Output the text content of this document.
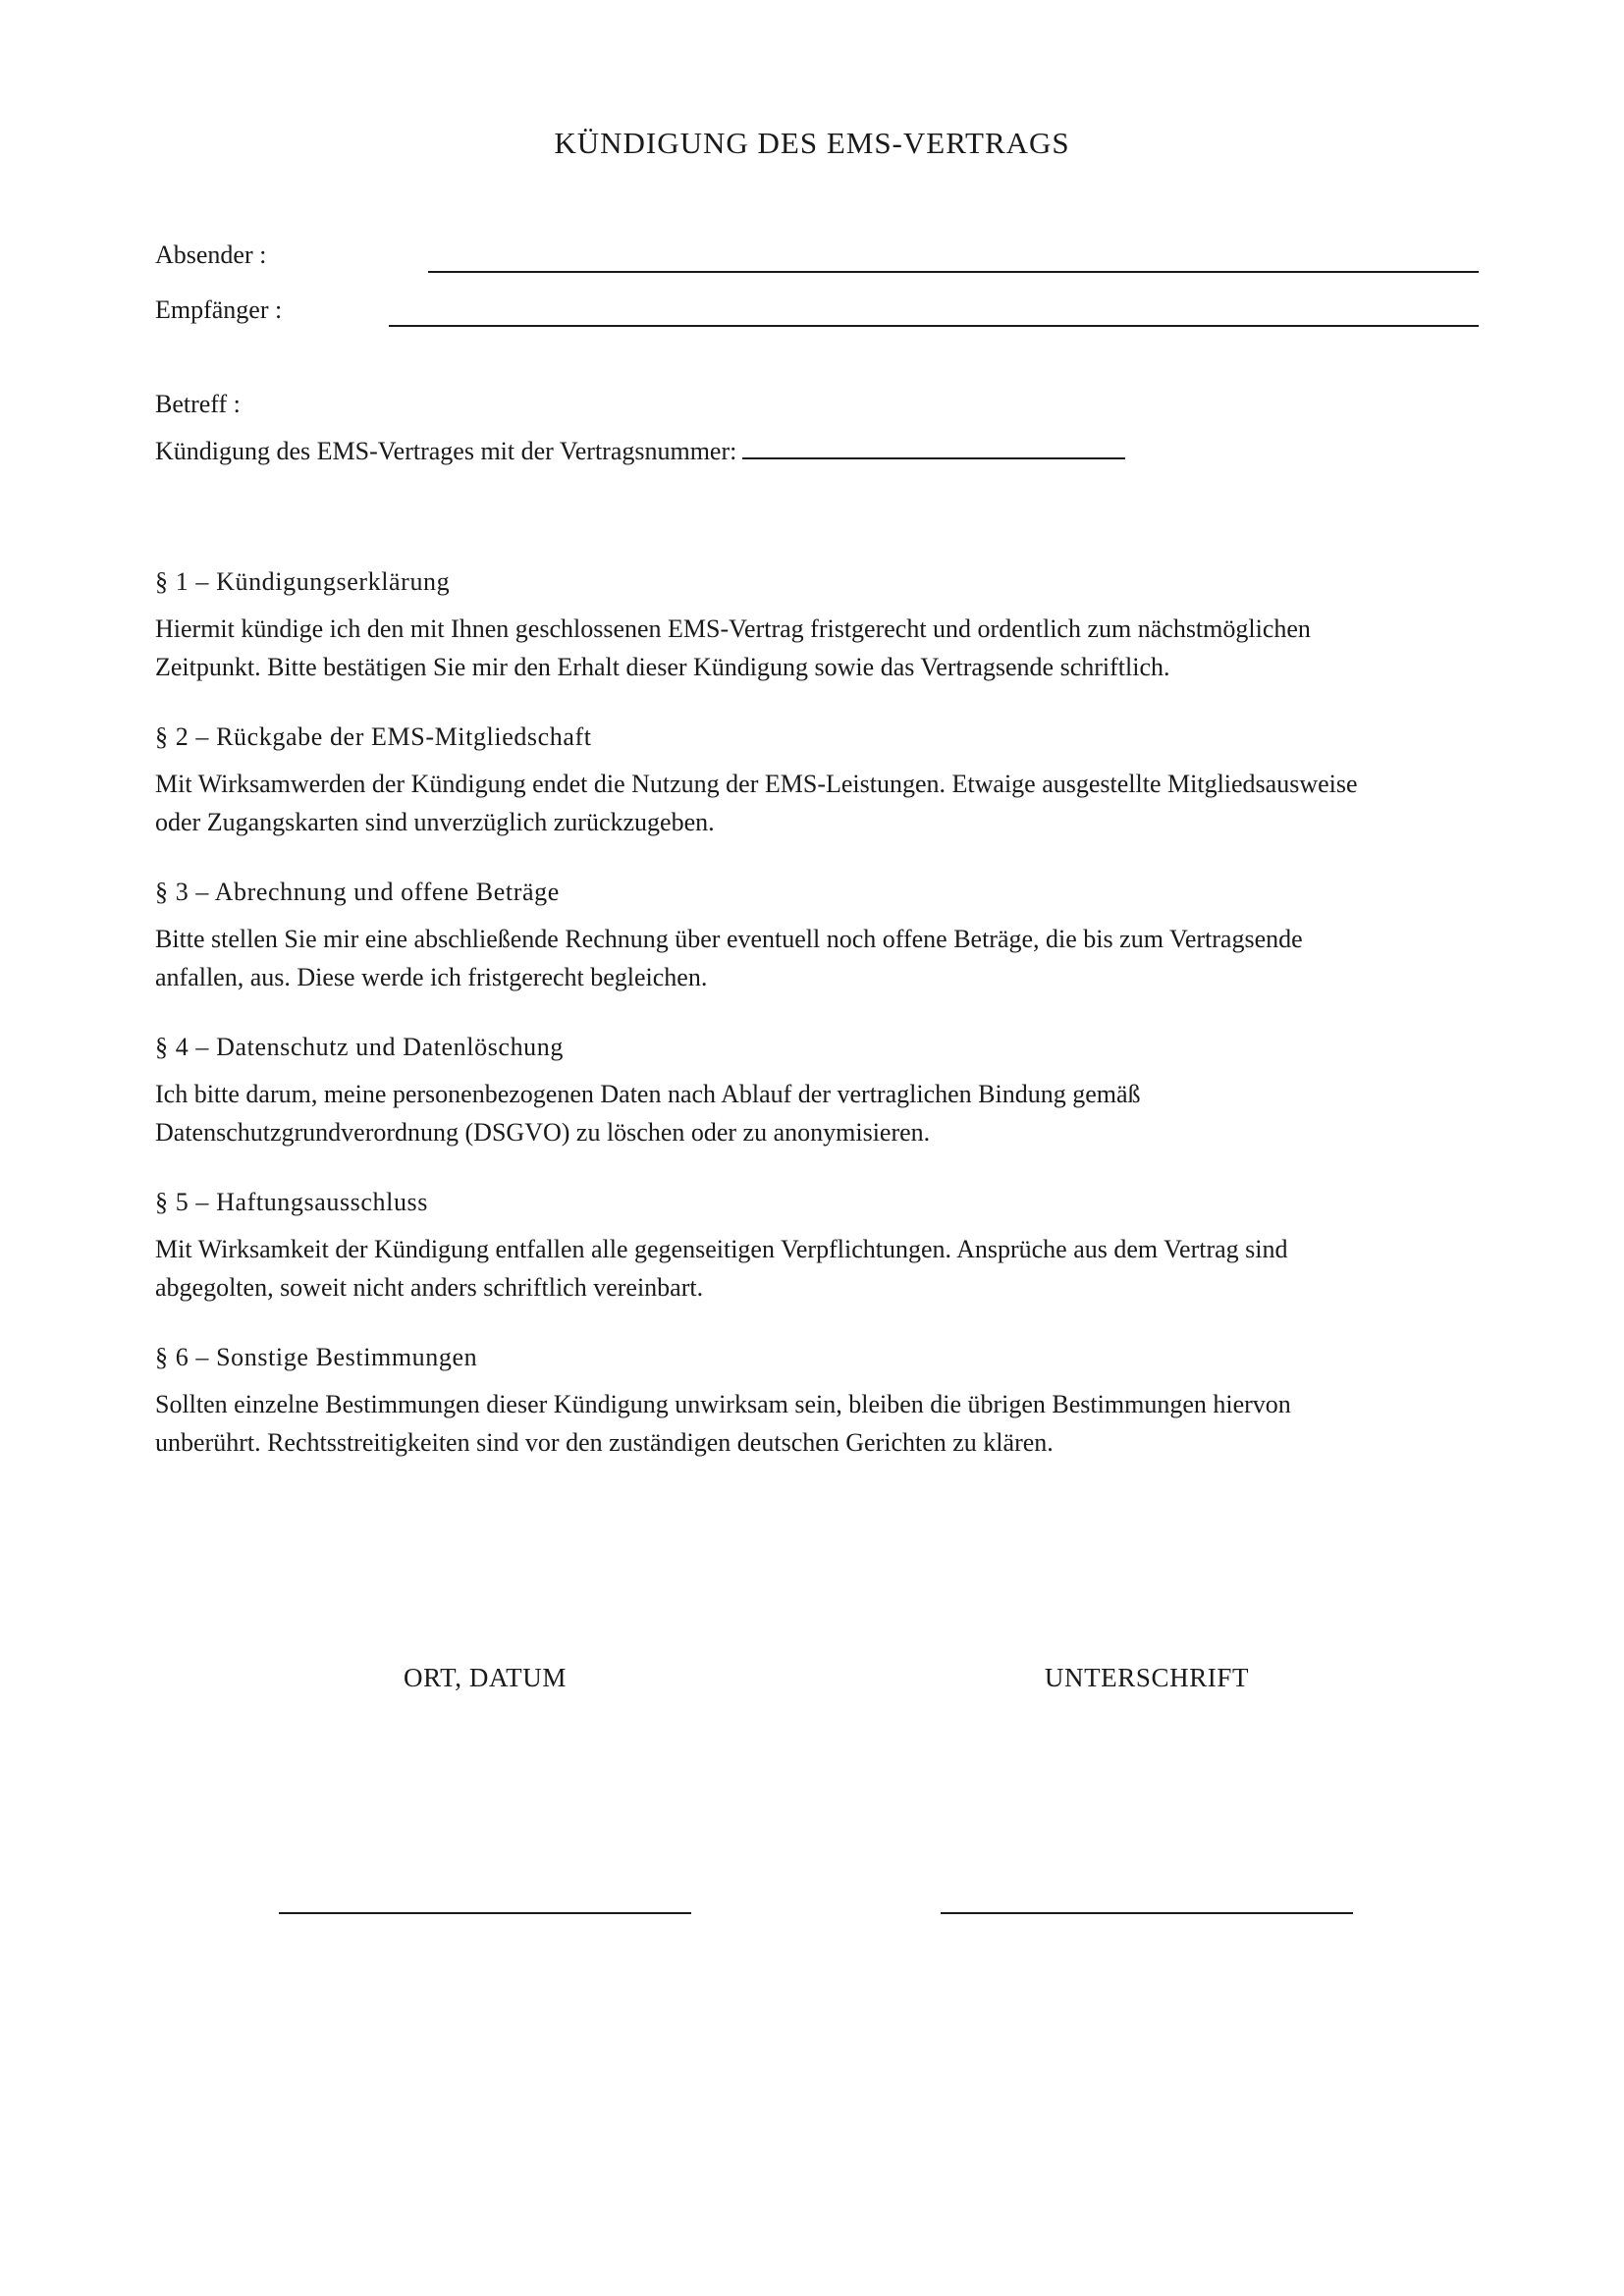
KÜNDIGUNG DES EMS-VERTRAGS
Absender :
Empfänger :
Betreff :
Kündigung des EMS-Vertrages mit der Vertragsnummer:
§ 1 – Kündigungserklärung
Hiermit kündige ich den mit Ihnen geschlossenen EMS-Vertrag fristgerecht und ordentlich zum nächstmöglichen
Zeitpunkt. Bitte bestätigen Sie mir den Erhalt dieser Kündigung sowie das Vertragsende schriftlich.
§ 2 – Rückgabe der EMS-Mitgliedschaft
Mit Wirksamwerden der Kündigung endet die Nutzung der EMS-Leistungen. Etwaige ausgestellte Mitgliedsausweise
oder Zugangskarten sind unverzüglich zurückzugeben.
§ 3 – Abrechnung und offene Beträge
Bitte stellen Sie mir eine abschließende Rechnung über eventuell noch offene Beträge, die bis zum Vertragsende
anfallen, aus. Diese werde ich fristgerecht begleichen.
§ 4 – Datenschutz und Datenlöschung
Ich bitte darum, meine personenbezogenen Daten nach Ablauf der vertraglichen Bindung gemäß
Datenschutzgrundverordnung (DSGVO) zu löschen oder zu anonymisieren.
§ 5 – Haftungsausschluss
Mit Wirksamkeit der Kündigung entfallen alle gegenseitigen Verpflichtungen. Ansprüche aus dem Vertrag sind
abgegolten, soweit nicht anders schriftlich vereinbart.
§ 6 – Sonstige Bestimmungen
Sollten einzelne Bestimmungen dieser Kündigung unwirksam sein, bleiben die übrigen Bestimmungen hiervon
unberührt. Rechtsstreitigkeiten sind vor den zuständigen deutschen Gerichten zu klären.
ORT, DATUM	UNTERSCHRIFT
